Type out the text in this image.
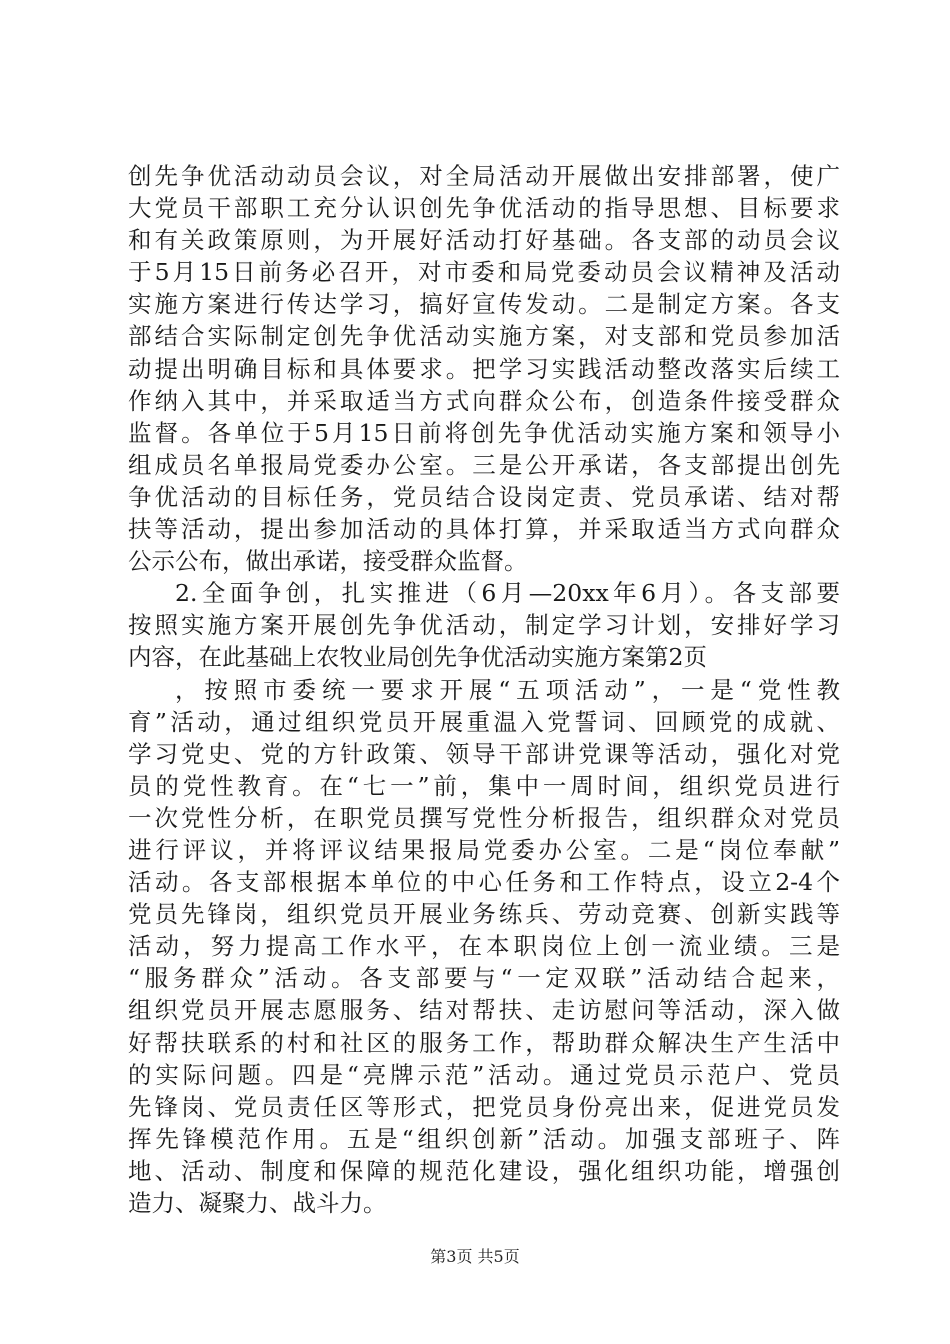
创先争优活动动员会议，对全局活动开展做出安排部署，使广
大党员干部职工充分认识创先争优活动的指导思想、目标要求
和有关政策原则，为开展好活动打好基础。各支部的动员会议
于5月15日前务必召开，对市委和局党委动员会议精神及活动
实施方案进行传达学习，搞好宣传发动。二是制定方案。各支
部结合实际制定创先争优活动实施方案，对支部和党员参加活
动提出明确目标和具体要求。把学习实践活动整改落实后续工
作纳入其中，并采取适当方式向群众公布，创造条件接受群众
监督。各单位于5月15日前将创先争优活动实施方案和领导小
组成员名单报局党委办公室。三是公开承诺，各支部提出创先
争优活动的目标任务，党员结合设岗定责、党员承诺、结对帮
扶等活动，提出参加活动的具体打算，并采取适当方式向群众
公示公布，做出承诺，接受群众监督。
2.全面争创，扎实推进（6月—20xx年6月）。各支部要
按照实施方案开展创先争优活动，制定学习计划，安排好学习
内容，在此基础上农牧业局创先争优活动实施方案第2页
，按照市委统一要求开展“五项活动”，一是“党性教
育”活动，通过组织党员开展重温入党誓词、回顾党的成就、
学习党史、党的方针政策、领导干部讲党课等活动，强化对党
员的党性教育。在“七一”前，集中一周时间，组织党员进行
一次党性分析，在职党员撰写党性分析报告，组织群众对党员
进行评议，并将评议结果报局党委办公室。二是“岗位奉献”
活动。各支部根据本单位的中心任务和工作特点，设立2-4个
党员先锋岗，组织党员开展业务练兵、劳动竞赛、创新实践等
活动，努力提高工作水平，在本职岗位上创一流业绩。三是
“服务群众”活动。各支部要与“一定双联”活动结合起来，
组织党员开展志愿服务、结对帮扶、走访慰问等活动，深入做
好帮扶联系的村和社区的服务工作，帮助群众解决生产生活中
的实际问题。四是“亮牌示范”活动。通过党员示范户、党员
先锋岗、党员责任区等形式，把党员身份亮出来，促进党员发
挥先锋模范作用。五是“组织创新”活动。加强支部班子、阵
地、活动、制度和保障的规范化建设，强化组织功能，增强创
造力、凝聚力、战斗力。
第3页 共5页
